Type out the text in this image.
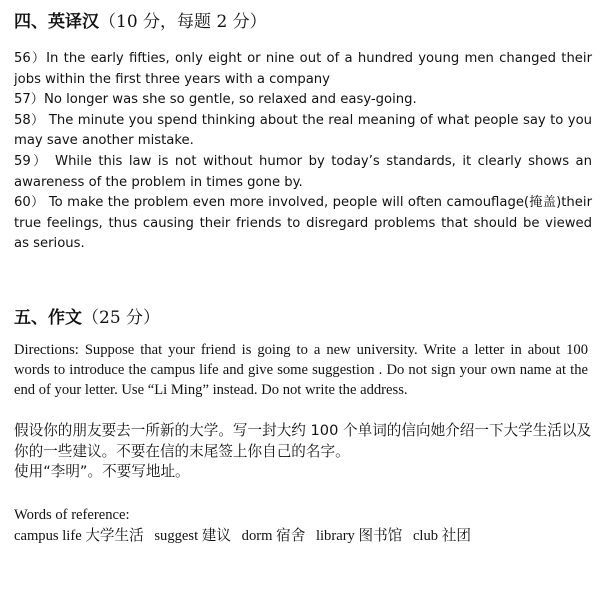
四、英译汉（10 分，每题 2 分）

56）In the early fifties, only eight or nine out of a hundred young men changed their jobs within the first three years with a company

57）No longer was she so gentle, so relaxed and easy-going.

58） The minute you spend thinking about the real meaning of what people say to you may save another mistake.

59） While this law is not without humor by today’s standards, it clearly shows an awareness of the problem in times gone by.

60） To make the problem even more involved, people will often camouflage(掩盖)their true feelings, thus causing their friends to disregard problems that should be viewed as serious.

五、作文（25 分）

Directions: Suppose that your friend is going to a new university. Write a letter in about 100 words to introduce the campus life and give some suggestion . Do not sign your own name at the end of your letter. Use “Li Ming” instead. Do not write the address.

假设你的朋友要去一所新的大学。写一封大约 100 个单词的信向她介绍一下大学生活以及你的一些建议。不要在信的末尾签上你自己的名字。

使用“李明”。不要写地址。

Words of reference:

campus life 大学生活 suggest 建议 dorm 宿舍 library 图书馆 club 社团
